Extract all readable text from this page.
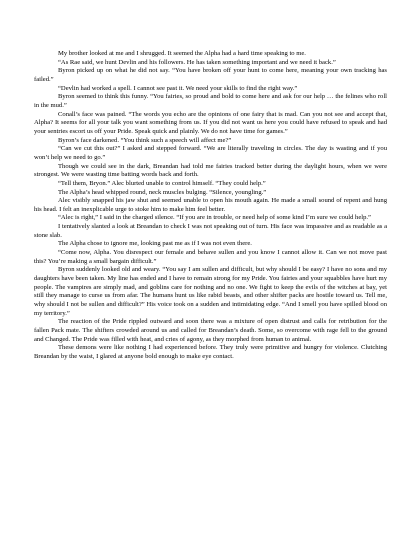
My brother looked at me and I shrugged. It seemed the Alpha had a hard time speaking to me.

“As Rae said, we hunt Devlin and his followers. He has taken something important and we need it back.”

Byron picked up on what he did not say. “You have broken off your hunt to come here, meaning your own tracking has failed.”

“Devlin had worked a spell. I cannot see past it. We need your skills to find the right way.”

Byron seemed to think this funny. “You fairies, so proud and bold to come here and ask for our help … the felines who roll in the mud.”

Conall’s face was pained. “The words you echo are the opinions of one fairy that is mad. Can you not see and accept that, Alpha? It seems for all your talk you want something from us. If you did not want us here you could have refused to speak and had your sentries escort us off your Pride. Speak quick and plainly. We do not have time for games.”

Byron’s face darkened. “You think such a speech will affect me?”

“Can we cut this out?” I asked and stepped forward. “We are literally traveling in circles. The day is wasting and if you won’t help we need to go.”

Though we could see in the dark, Breandan had told me fairies tracked better during the daylight hours, when we were strongest. We were wasting time batting words back and forth.

“Tell them, Bryon.” Alec blurted unable to control himself. “They could help.”

The Alpha’s head whipped round, neck muscles bulging. “Silence, youngling.”

Alec visibly snapped his jaw shut and seemed unable to open his mouth again. He made a small sound of repent and hung his head. I felt an inexplicable urge to stoke him to make him feel better.

“Alec is right,” I said in the charged silence. “If you are in trouble, or need help of some kind I’m sure we could help.”

I tentatively slanted a look at Breandan to check I was not speaking out of turn. His face was impassive and as readable as a stone slab.

The Alpha chose to ignore me, looking past me as if I was not even there.

“Come now, Alpha. You disrespect our female and behave sullen and you know I cannot allow it. Can we not move past this? You’re making a small bargain difficult.”

Byron suddenly looked old and weary. “You say I am sullen and difficult, but why should I be easy? I have no sons and my daughters have been taken. My line has ended and I have to remain strong for my Pride. You fairies and your squabbles have hurt my people. The vampires are simply mad, and goblins care for nothing and no one. We fight to keep the evils of the witches at bay, yet still they manage to curse us from afar. The humans hunt us like rabid beasts, and other shifter packs are hostile toward us. Tell me, why should I not be sullen and difficult?” His voice took on a sudden and intimidating edge. “And I smell you have spilled blood on my territory.”

The reaction of the Pride rippled outward and soon there was a mixture of open distrust and calls for retribution for the fallen Pack mate. The shifters crowded around us and called for Breandan’s death. Some, so overcome with rage fell to the ground and Changed. The Pride was filled with heat, and cries of agony, as they morphed from human to animal.

These demons were like nothing I had experienced before. They truly were primitive and hungry for violence. Clutching Breandan by the waist, I glared at anyone bold enough to make eye contact.
